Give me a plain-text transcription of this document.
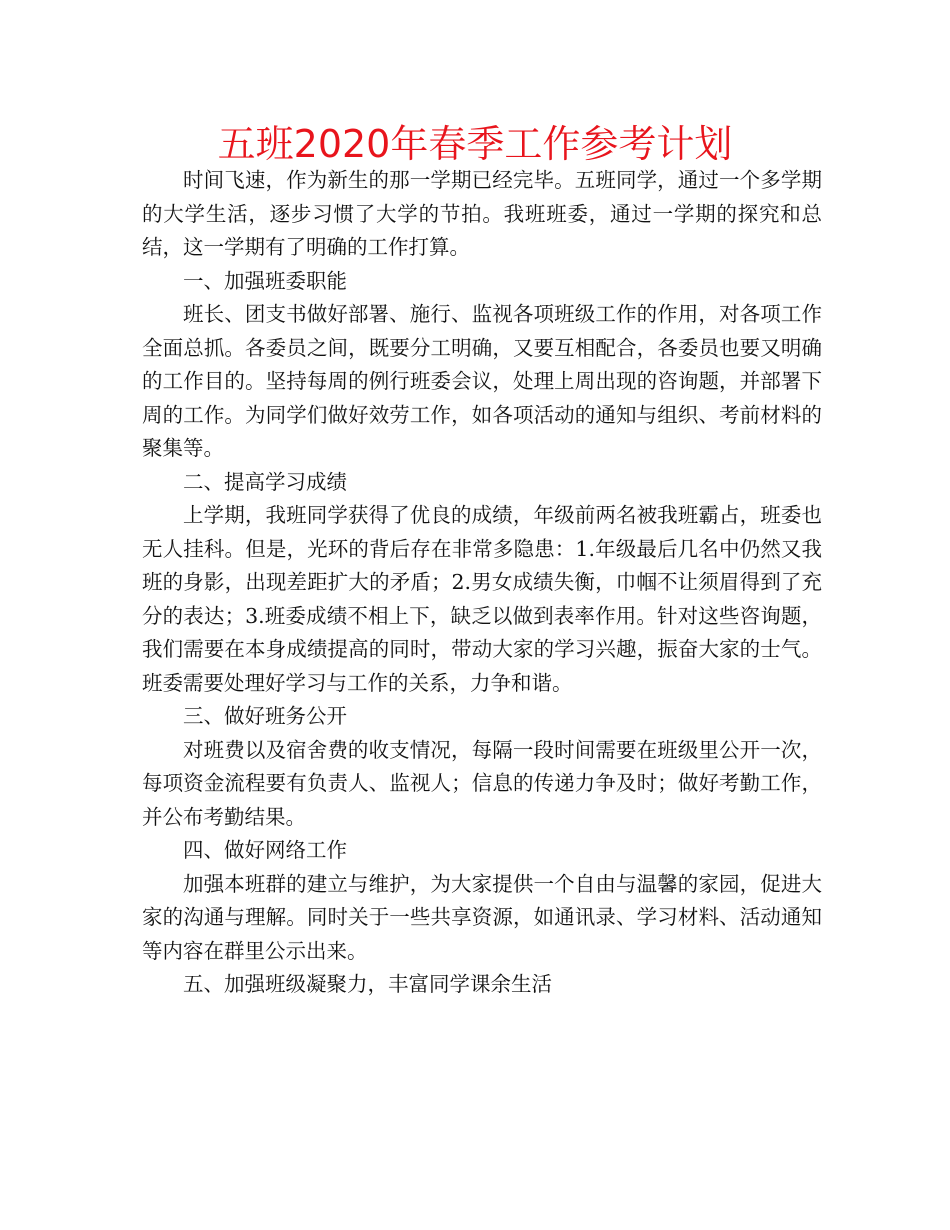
五班2020年春季工作参考计划

时间飞速，作为新生的那一学期已经完毕。五班同学，通过一个多学期的大学生活，逐步习惯了大学的节拍。我班班委，通过一学期的探究和总结，这一学期有了明确的工作打算。

一、加强班委职能

班长、团支书做好部署、施行、监视各项班级工作的作用，对各项工作全面总抓。各委员之间，既要分工明确，又要互相配合，各委员也要又明确的工作目的。坚持每周的例行班委会议，处理上周出现的咨询题，并部署下周的工作。为同学们做好效劳工作，如各项活动的通知与组织、考前材料的聚集等。

二、提高学习成绩

上学期，我班同学获得了优良的成绩，年级前两名被我班霸占，班委也无人挂科。但是，光环的背后存在非常多隐患：1.年级最后几名中仍然又我班的身影，出现差距扩大的矛盾；2.男女成绩失衡，巾帼不让须眉得到了充分的表达；3.班委成绩不相上下，缺乏以做到表率作用。针对这些咨询题，我们需要在本身成绩提高的同时，带动大家的学习兴趣，振奋大家的士气。班委需要处理好学习与工作的关系，力争和谐。

三、做好班务公开

对班费以及宿舍费的收支情况，每隔一段时间需要在班级里公开一次，每项资金流程要有负责人、监视人；信息的传递力争及时；做好考勤工作，并公布考勤结果。

四、做好网络工作

加强本班群的建立与维护，为大家提供一个自由与温馨的家园，促进大家的沟通与理解。同时关于一些共享资源，如通讯录、学习材料、活动通知等内容在群里公示出来。

五、加强班级凝聚力，丰富同学课余生活
